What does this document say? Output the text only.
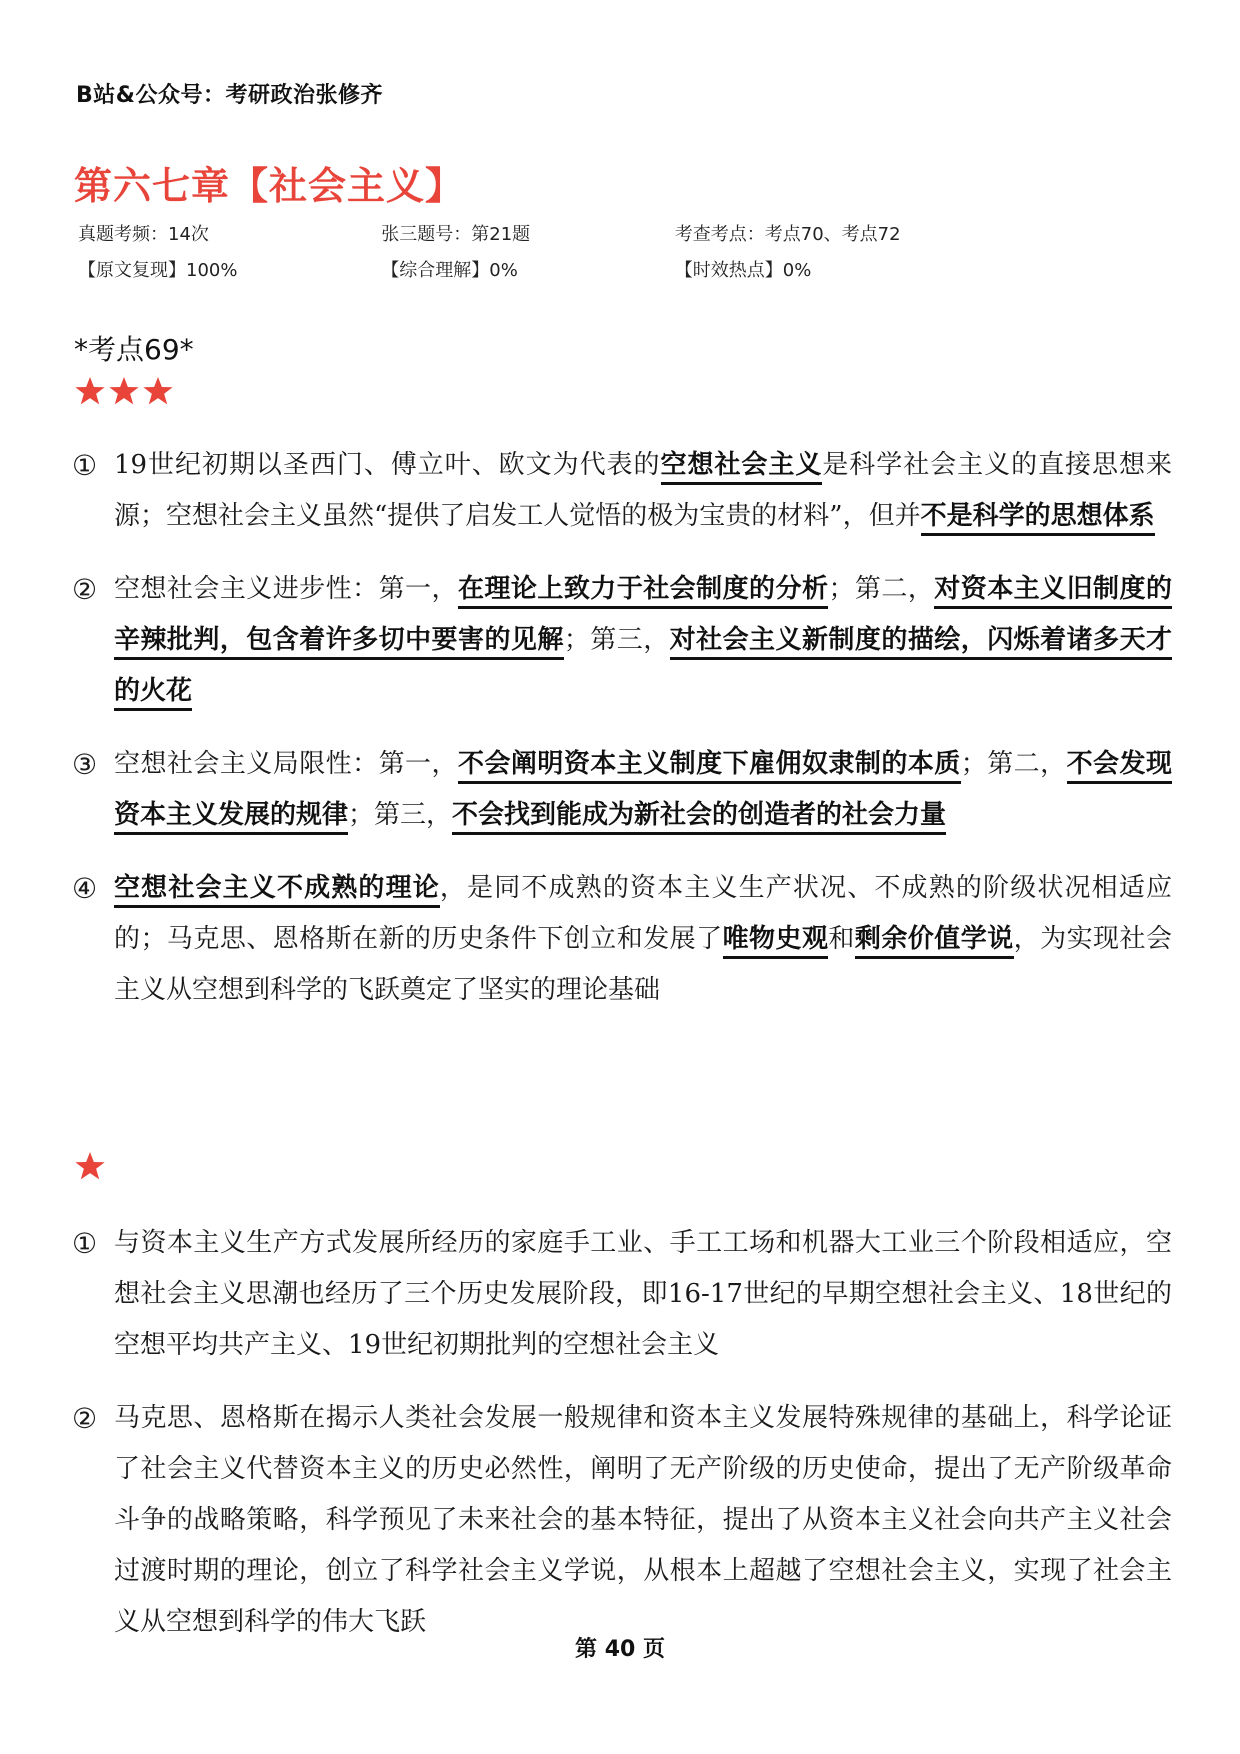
B站&公众号：考研政治张修齐
第六七章【社会主义】
真题考频：14次	张三题号：第21题	考查考点：考点70、考点72
【原文复现】100%	【综合理解】0%	【时效热点】0%
*考点69*
① 19世纪初期以圣西门、傅立叶、欧文为代表的空想社会主义是科学社会主义的直接思想来源；空想社会主义虽然“提供了启发工人觉悟的极为宝贵的材料”，但并不是科学的思想体系
② 空想社会主义进步性：第一，在理论上致力于社会制度的分析；第二，对资本主义旧制度的辛辣批判，包含着许多切中要害的见解；第三，对社会主义新制度的描绘，闪烁着诸多天才的火花
③ 空想社会主义局限性：第一，不会阐明资本主义制度下雇佣奴隶制的本质；第二，不会发现资本主义发展的规律；第三，不会找到能成为新社会的创造者的社会力量
④ 空想社会主义不成熟的理论，是同不成熟的资本主义生产状况、不成熟的阶级状况相适应的；马克思、恩格斯在新的历史条件下创立和发展了唯物史观和剩余价值学说，为实现社会主义从空想到科学的飞跃奠定了坚实的理论基础
① 与资本主义生产方式发展所经历的家庭手工业、手工工场和机器大工业三个阶段相适应，空想社会主义思潮也经历了三个历史发展阶段，即16-17世纪的早期空想社会主义、18世纪的空想平均共产主义、19世纪初期批判的空想社会主义
② 马克思、恩格斯在揭示人类社会发展一般规律和资本主义发展特殊规律的基础上，科学论证了社会主义代替资本主义的历史必然性，阐明了无产阶级的历史使命，提出了无产阶级革命斗争的战略策略，科学预见了未来社会的基本特征，提出了从资本主义社会向共产主义社会过渡时期的理论，创立了科学社会主义学说，从根本上超越了空想社会主义，实现了社会主义从空想到科学的伟大飞跃
第 40 页
